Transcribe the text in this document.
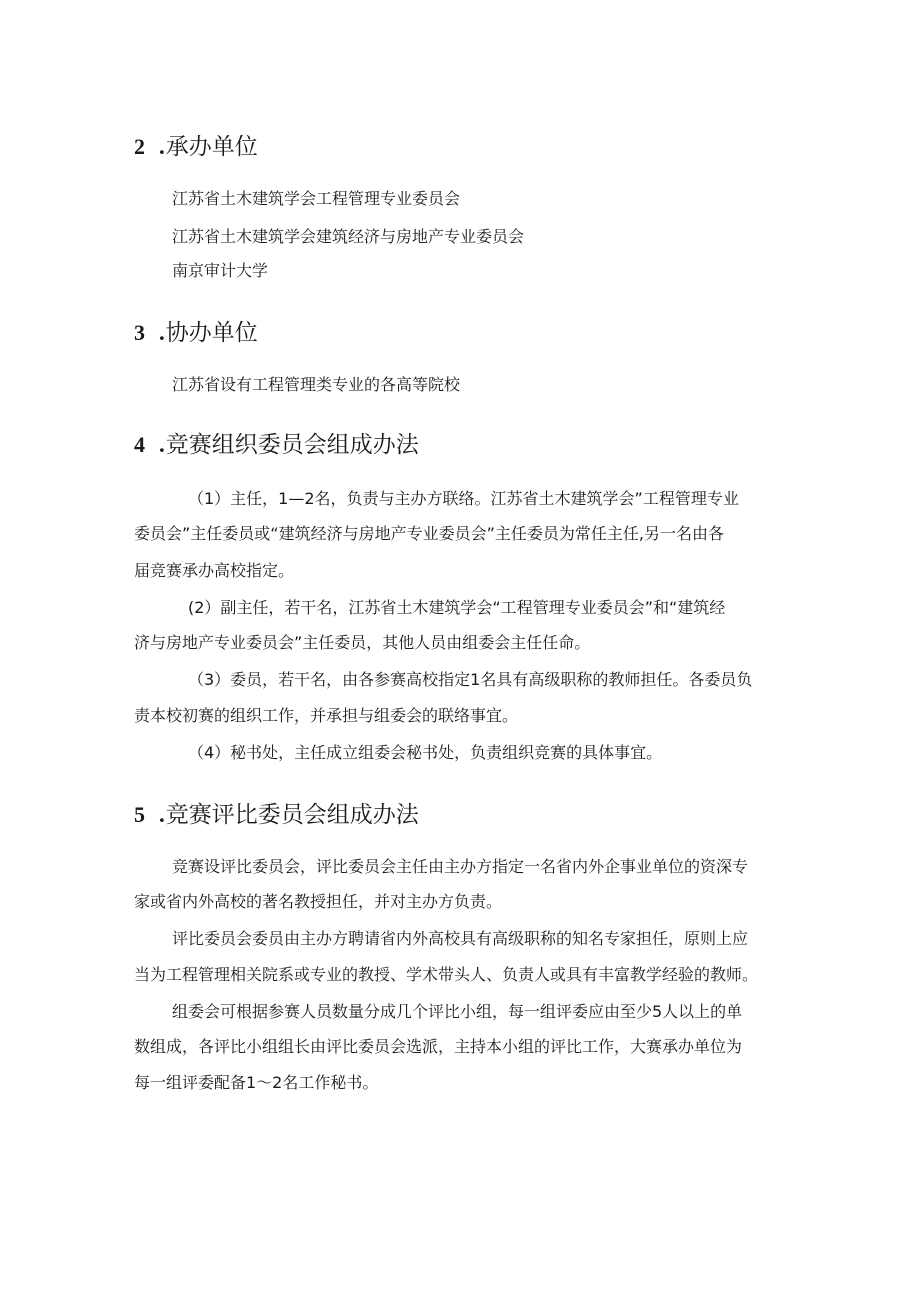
2 .承办单位
江苏省土木建筑学会工程管理专业委员会
江苏省土木建筑学会建筑经济与房地产专业委员会
南京审计大学
3 .协办单位
江苏省设有工程管理类专业的各高等院校
4 .竞赛组织委员会组成办法
（1）主任，1—2名，负责与主办方联络。江苏省土木建筑学会”工程管理专业
委员会”主任委员或“建筑经济与房地产专业委员会”主任委员为常任主任,另一名由各
届竞赛承办高校指定。
(2）副主任，若干名，江苏省土木建筑学会“工程管理专业委员会”和“建筑经
济与房地产专业委员会”主任委员，其他人员由组委会主任任命。
（3）委员，若干名，由各参赛高校指定1名具有高级职称的教师担任。各委员负
责本校初赛的组织工作，并承担与组委会的联络事宜。
（4）秘书处，主任成立组委会秘书处，负责组织竞赛的具体事宜。
5 .竞赛评比委员会组成办法
竞赛设评比委员会，评比委员会主任由主办方指定一名省内外企事业单位的资深专
家或省内外高校的著名教授担任，并对主办方负责。
评比委员会委员由主办方聘请省内外高校具有高级职称的知名专家担任，原则上应
当为工程管理相关院系或专业的教授、学术带头人、负责人或具有丰富教学经验的教师。
组委会可根据参赛人员数量分成几个评比小组，每一组评委应由至少5人以上的单
数组成，各评比小组组长由评比委员会选派，主持本小组的评比工作，大赛承办单位为
每一组评委配备1〜2名工作秘书。
